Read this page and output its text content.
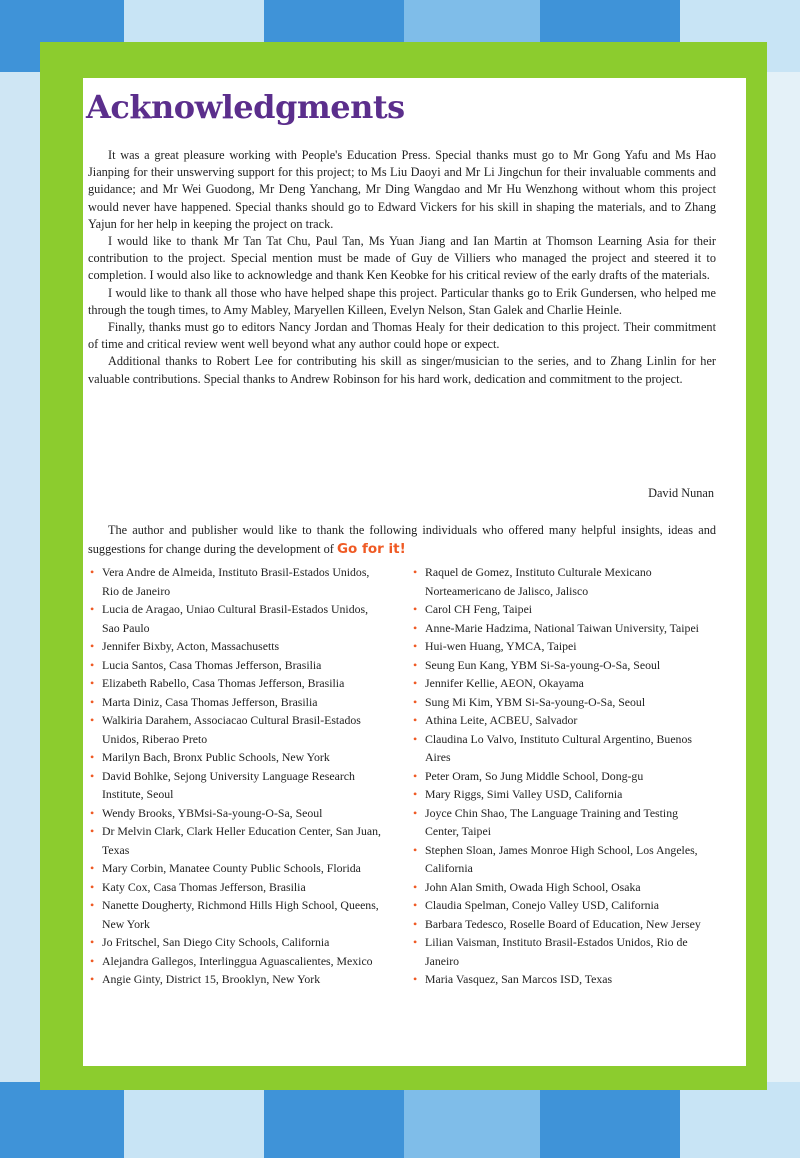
Acknowledgments

It was a great pleasure working with People's Education Press. Special thanks must go to Mr Gong Yafu and Ms Hao Jianping for their unswerving support for this project; to Ms Liu Daoyi and Mr Li Jingchun for their invaluable comments and guidance; and Mr Wei Guodong, Mr Deng Yanchang, Mr Ding Wangdao and Mr Hu Wenzhong without whom this project would never have happened. Special thanks should go to Edward Vickers for his skill in shaping the materials, and to Zhang Yajun for her help in keeping the project on track.

I would like to thank Mr Tan Tat Chu, Paul Tan, Ms Yuan Jiang and Ian Martin at Thomson Learning Asia for their contribution to the project. Special mention must be made of Guy de Villiers who managed the project and steered it to completion. I would also like to acknowledge and thank Ken Keobke for his critical review of the early drafts of the materials.

I would like to thank all those who have helped shape this project. Particular thanks go to Erik Gundersen, who helped me through the tough times, to Amy Mabley, Maryellen Killeen, Evelyn Nelson, Stan Galek and Charlie Heinle.

Finally, thanks must go to editors Nancy Jordan and Thomas Healy for their dedication to this project. Their commitment of time and critical review went well beyond what any author could hope or expect.

Additional thanks to Robert Lee for contributing his skill as singer/musician to the series, and to Zhang Linlin for her valuable contributions. Special thanks to Andrew Robinson for his hard work, dedication and commitment to the project.

David Nunan

The author and publisher would like to thank the following individuals who offered many helpful insights, ideas and suggestions for change during the development of Go for it!

• Vera Andre de Almeida, Instituto Brasil-Estados Unidos, Rio de Janeiro
• Lucia de Aragao, Uniao Cultural Brasil-Estados Unidos, Sao Paulo
• Jennifer Bixby, Acton, Massachusetts
• Lucia Santos, Casa Thomas Jefferson, Brasilia
• Elizabeth Rabello, Casa Thomas Jefferson, Brasilia
• Marta Diniz, Casa Thomas Jefferson, Brasilia
• Walkiria Darahem, Associacao Cultural Brasil-Estados Unidos, Riberao Preto
• Marilyn Bach, Bronx Public Schools, New York
• David Bohlke, Sejong University Language Research Institute, Seoul
• Wendy Brooks, YBMsi-Sa-young-O-Sa, Seoul
• Dr Melvin Clark, Clark Heller Education Center, San Juan, Texas
• Mary Corbin, Manatee County Public Schools, Florida
• Katy Cox, Casa Thomas Jefferson, Brasilia
• Nanette Dougherty, Richmond Hills High School, Queens, New York
• Jo Fritschel, San Diego City Schools, California
• Alejandra Gallegos, Interlinggua Aguascalientes, Mexico
• Angie Ginty, District 15, Brooklyn, New York
• Raquel de Gomez, Instituto Culturale Mexicano Norteamericano de Jalisco, Jalisco
• Carol CH Feng, Taipei
• Anne-Marie Hadzima, National Taiwan University, Taipei
• Hui-wen Huang, YMCA, Taipei
• Seung Eun Kang, YBM Si-Sa-young-O-Sa, Seoul
• Jennifer Kellie, AEON, Okayama
• Sung Mi Kim, YBM Si-Sa-young-O-Sa, Seoul
• Athina Leite, ACBEU, Salvador
• Claudina Lo Valvo, Instituto Cultural Argentino, Buenos Aires
• Peter Oram, So Jung Middle School, Dong-gu
• Mary Riggs, Simi Valley USD, California
• Joyce Chin Shao, The Language Training and Testing Center, Taipei
• Stephen Sloan, James Monroe High School, Los Angeles, California
• John Alan Smith, Owada High School, Osaka
• Claudia Spelman, Conejo Valley USD, California
• Barbara Tedesco, Roselle Board of Education, New Jersey
• Lilian Vaisman, Instituto Brasil-Estados Unidos, Rio de Janeiro
• Maria Vasquez, San Marcos ISD, Texas
